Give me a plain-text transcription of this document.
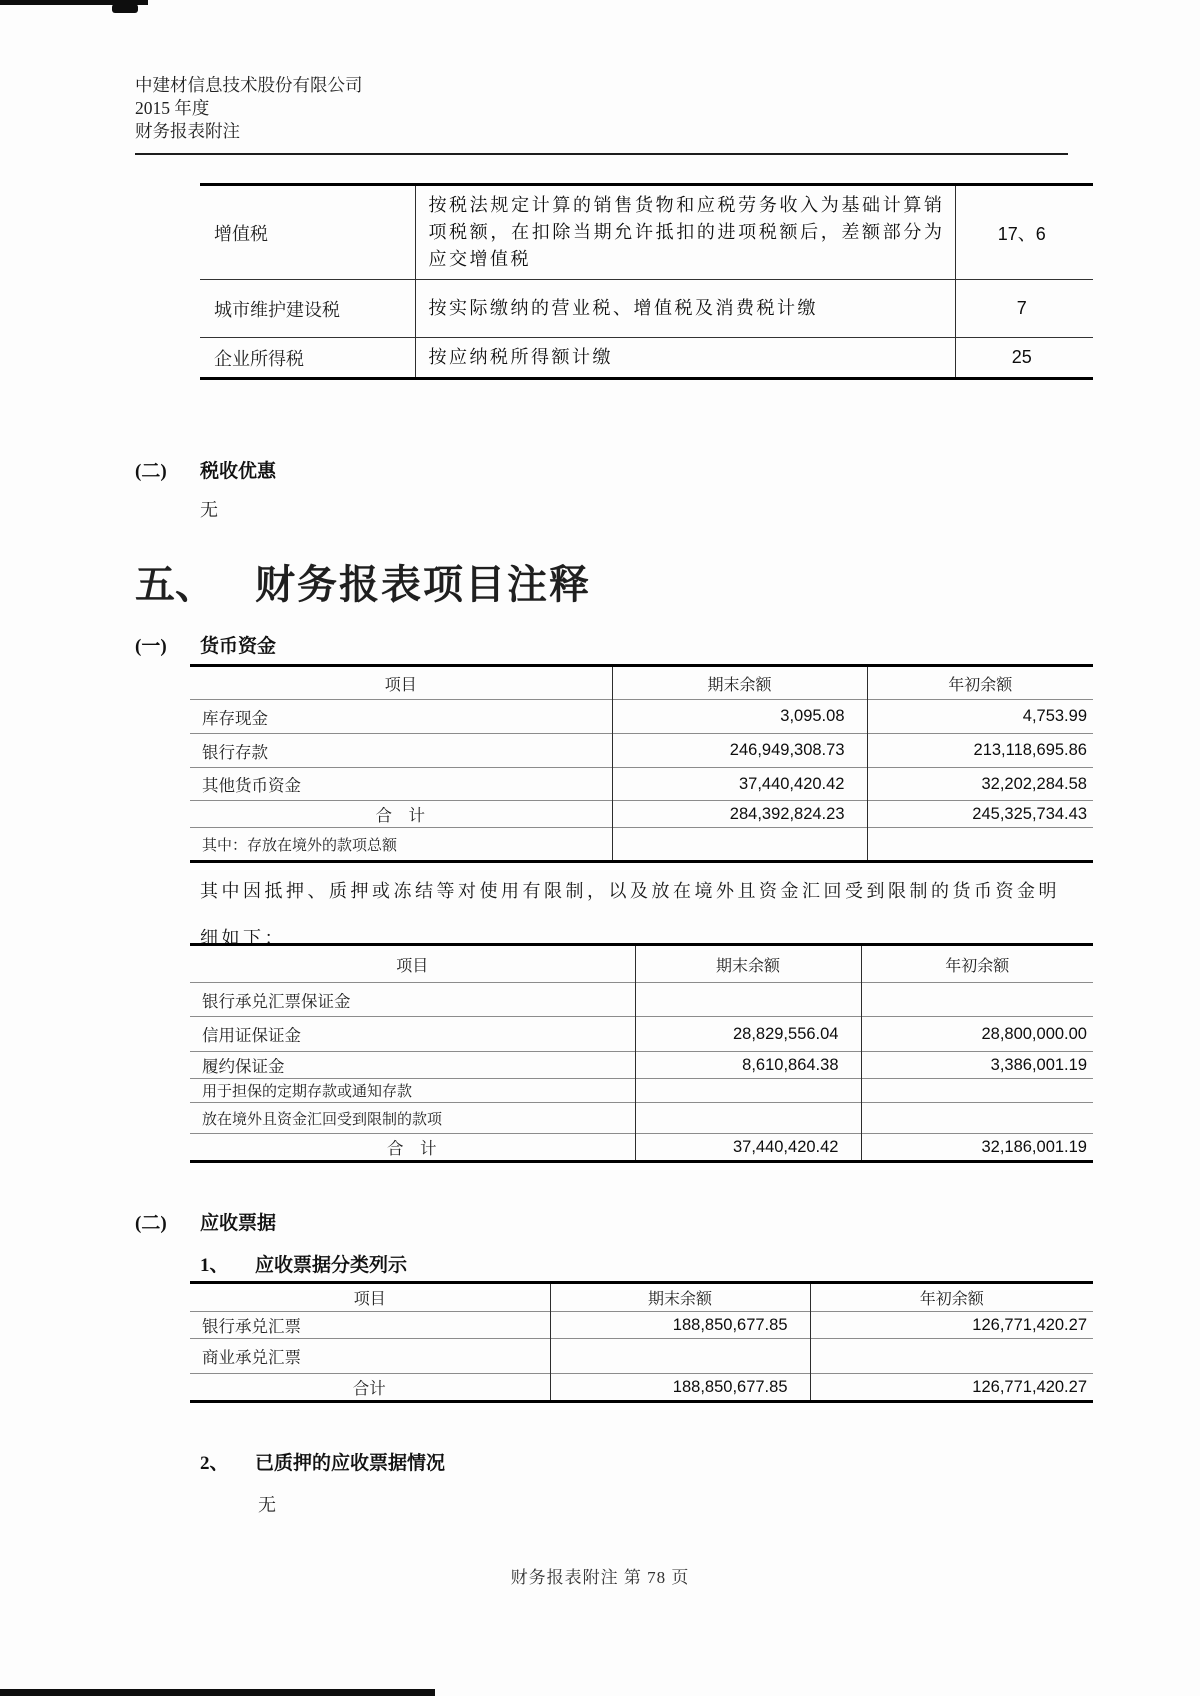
中建材信息技术股份有限公司
2015 年度
财务报表附注
增值税	按税法规定计算的销售货物和应税劳务收入为基础计算销项税额，在扣除当期允许抵扣的进项税额后，差额部分为应交增值税	17、6
城市维护建设税	按实际缴纳的营业税、增值税及消费税计缴	7
企业所得税	按应纳税所得额计缴	25
(二) 税收优惠
无
五、 财务报表项目注释
(一) 货币资金
项目	期末余额	年初余额
库存现金	3,095.08	4,753.99
银行存款	246,949,308.73	213,118,695.86
其他货币资金	37,440,420.42	32,202,284.58
合　计	284,392,824.23	245,325,734.43
其中：存放在境外的款项总额		
其中因抵押、质押或冻结等对使用有限制，以及放在境外且资金汇回受到限制的货币资金明
细如下：
项目	期末余额	年初余额
银行承兑汇票保证金		
信用证保证金	28,829,556.04	28,800,000.00
履约保证金	8,610,864.38	3,386,001.19
用于担保的定期存款或通知存款		
放在境外且资金汇回受到限制的款项		
合　计	37,440,420.42	32,186,001.19
(二) 应收票据
1、 应收票据分类列示
项目	期末余额	年初余额
银行承兑汇票	188,850,677.85	126,771,420.27
商业承兑汇票		
合计	188,850,677.85	126,771,420.27
2、 已质押的应收票据情况
无
财务报表附注 第 78 页
